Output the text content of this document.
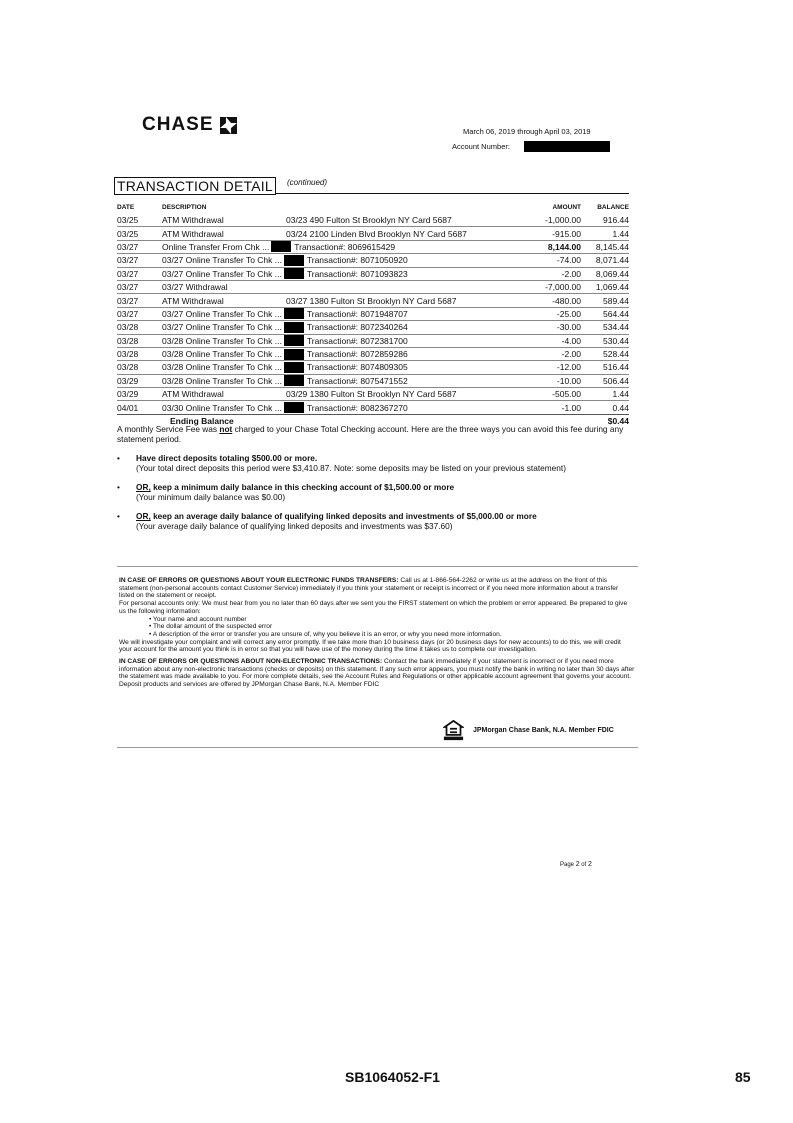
CHASE	March 06, 2019 through April 03, 2019
Account Number:
TRANSACTION DETAIL	(continued)
DATE	DESCRIPTION	AMOUNT	BALANCE
03/25	ATM Withdrawal 03/23 490 Fulton St Brooklyn NY Card 5687	-1,000.00	916.44
03/25	ATM Withdrawal 03/24 2100 Linden Blvd Brooklyn NY Card 5687	-915.00	1.44
03/27	Online Transfer From Chk ... Transaction#: 8069615429	8,144.00	8,145.44
03/27	03/27 Online Transfer To Chk ... Transaction#: 8071050920	-74.00	8,071.44
03/27	03/27 Online Transfer To Chk ... Transaction#: 8071093823	-2.00	8,069.44
03/27	03/27 Withdrawal	-7,000.00	1,069.44
03/27	ATM Withdrawal 03/27 1380 Fulton St Brooklyn NY Card 5687	-480.00	589.44
03/27	03/27 Online Transfer To Chk ... Transaction#: 8071948707	-25.00	564.44
03/28	03/27 Online Transfer To Chk ... Transaction#: 8072340264	-30.00	534.44
03/28	03/28 Online Transfer To Chk ... Transaction#: 8072381700	-4.00	530.44
03/28	03/28 Online Transfer To Chk ... Transaction#: 8072859286	-2.00	528.44
03/28	03/28 Online Transfer To Chk ... Transaction#: 8074809305	-12.00	516.44
03/29	03/28 Online Transfer To Chk ... Transaction#: 8075471552	-10.00	506.44
03/29	ATM Withdrawal 03/29 1380 Fulton St Brooklyn NY Card 5687	-505.00	1.44
04/01	03/30 Online Transfer To Chk ... Transaction#: 8082367270	-1.00	0.44
	Ending Balance		$0.44
A monthly Service Fee was not charged to your Chase Total Checking account. Here are the three ways you can avoid this fee during any statement period.
• Have direct deposits totaling $500.00 or more.
(Your total direct deposits this period were $3,410.87. Note: some deposits may be listed on your previous statement)
• OR, keep a minimum daily balance in this checking account of $1,500.00 or more
(Your minimum daily balance was $0.00)
• OR, keep an average daily balance of qualifying linked deposits and investments of $5,000.00 or more
(Your average daily balance of qualifying linked deposits and investments was $37.60)

IN CASE OF ERRORS OR QUESTIONS ABOUT YOUR ELECTRONIC FUNDS TRANSFERS: Call us at 1-866-564-2262 or write us at the address on the front of this statement (non-personal accounts contact Customer Service) immediately if you think your statement or receipt is incorrect or if you need more information about a transfer listed on the statement or receipt.

For personal accounts only: We must hear from you no later than 60 days after we sent you the FIRST statement on which the problem or error appeared. Be prepared to give us the following information:

• Your name and account number

• The dollar amount of the suspected error

• A description of the error or transfer you are unsure of, why you believe it is an error, or why you need more information.

We will investigate your complaint and will correct any error promptly. If we take more than 10 business days (or 20 business days for new accounts) to do this, we will credit your account for the amount you think is in error so that you will have use of the money during the time it takes us to complete our investigation.

IN CASE OF ERRORS OR QUESTIONS ABOUT NON-ELECTRONIC TRANSACTIONS: Contact the bank immediately if your statement is incorrect or if you need more information about any non-electronic transactions (checks or deposits) on this statement. If any such error appears, you must notify the bank in writing no later than 30 days after the statement was made available to you. For more complete details, see the Account Rules and Regulations or other applicable account agreement that governs your account. Deposit products and services are offered by JPMorgan Chase Bank, N.A. Member FDIC

JPMorgan Chase Bank, N.A. Member FDIC
Page 2 of 2
SB1064052-F1	85
